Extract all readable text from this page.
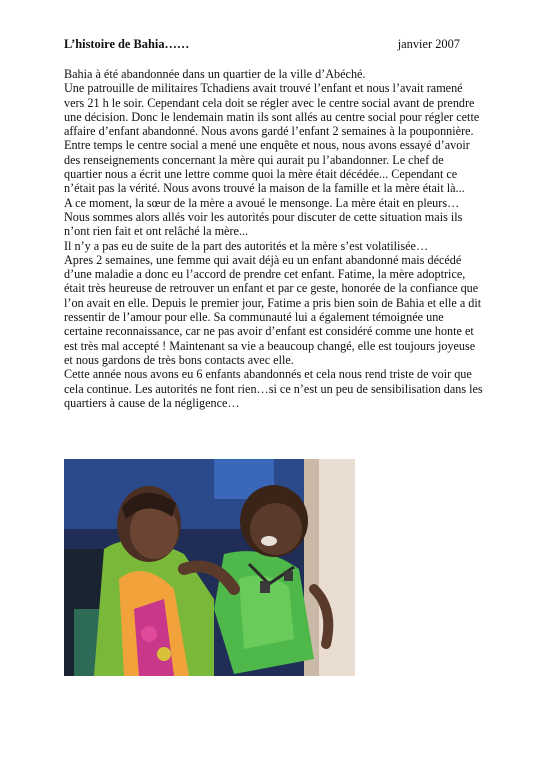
L’histoire de Bahia……	janvier 2007

Bahia à été abandonnée dans un quartier de la ville d’Abéché.

Une patrouille de militaires Tchadiens avait trouvé l’enfant et nous l’avait ramené vers 21 h le soir. Cependant cela doit se régler avec le centre social avant de prendre une décision. Donc le lendemain matin ils sont allés au centre social pour régler cette affaire d’enfant abandonné. Nous avons gardé l’enfant 2 semaines à la pouponnière. Entre temps le centre social a mené une enquête et nous, nous avons essayé d’avoir des renseignements concernant la mère qui aurait pu l’abandonner. Le chef de quartier nous a écrit une lettre comme quoi la mère était décédée... Cependant ce n’était pas la vérité. Nous avons trouvé la maison de la famille et la mère était là...

A ce moment, la sœur de la mère a avoué le mensonge. La mère était en pleurs…Nous sommes alors allés voir les autorités pour discuter de cette situation mais ils n’ont rien fait et ont relâché la mère...

Il n’y a pas eu de suite de la part des autorités et la mère s’est volatilisée…

Apres 2 semaines, une femme qui avait déjà eu un enfant abandonné mais décédé d’une maladie a donc eu l’accord de prendre cet enfant. Fatime, la mère adoptrice, était très heureuse de retrouver un enfant et par ce geste, honorée de la confiance que l’on avait en elle. Depuis le premier jour, Fatime a pris bien soin de Bahia et elle a dit ressentir de l’amour pour elle. Sa communauté lui a également témoignée une certaine reconnaissance, car ne pas avoir d’enfant est considéré comme une honte et est très mal accepté ! Maintenant sa vie a beaucoup changé, elle est toujours joyeuse et nous gardons de très bons contacts avec elle.

Cette année nous avons eu 6 enfants abandonnés et cela nous rend triste de voir que cela continue. Les autorités ne font rien…si ce n’est un peu de sensibilisation dans les quartiers à cause de la négligence…
